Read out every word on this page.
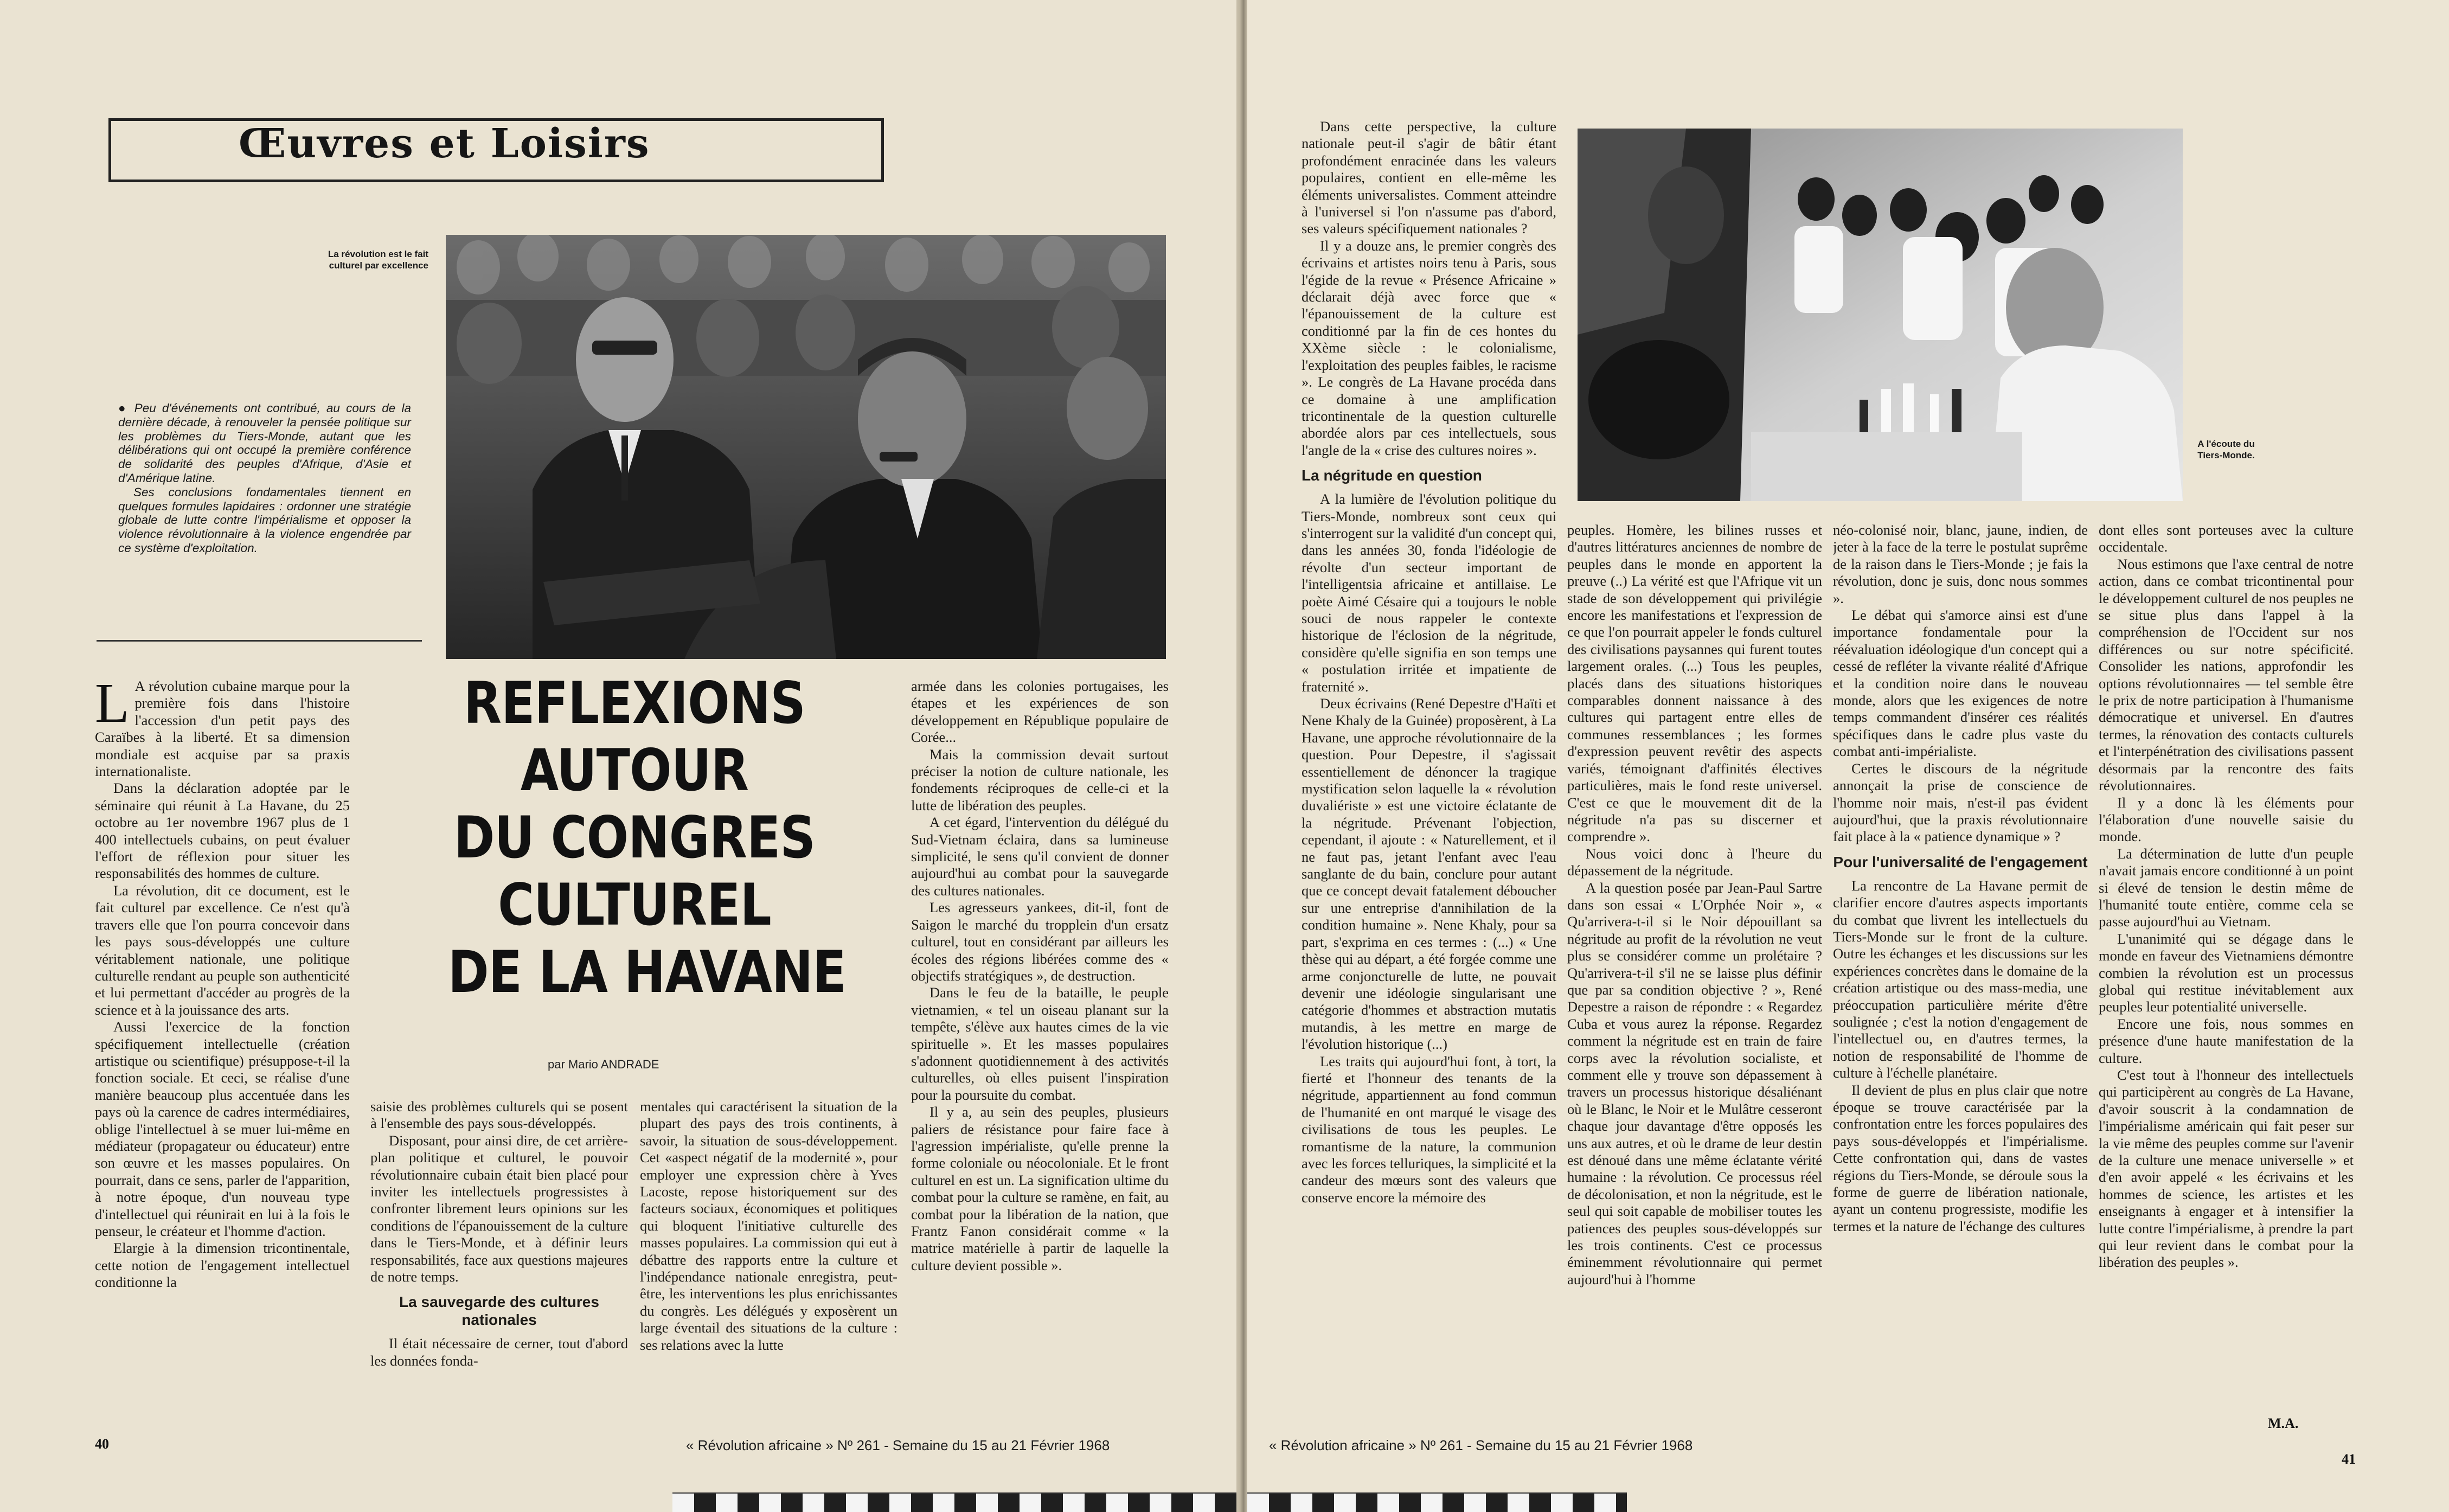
Œuvres et Loisirs
La révolution est le fait culturel par excellence

● Peu d'événements ont contribué, au cours de la dernière décade, à renouveler la pensée politique sur les problèmes du Tiers-Monde, autant que les délibérations qui ont occupé la première conférence de solidarité des peuples d'Afrique, d'Asie et d'Amérique latine.

Ses conclusions fondamentales tiennent en quelques formules lapidaires : ordonner une stratégie globale de lutte contre l'impérialisme et opposer la violence révolutionnaire à la violence engendrée par ce système d'exploitation.

REFLEXIONS
AUTOUR
DU CONGRES
CULTUREL
DE LA HAVANE
par Mario ANDRADE

L A révolution cubaine marque pour la première fois dans l'histoire l'accession d'un petit pays des Caraïbes à la liberté. Et sa dimension mondiale est acquise par sa praxis internationaliste.

Dans la déclaration adoptée par le séminaire qui réunit à La Havane, du 25 octobre au 1er novembre 1967 plus de 1 400 intellectuels cubains, on peut évaluer l'effort de réflexion pour situer les responsabilités des hommes de culture.

La révolution, dit ce document, est le fait culturel par excellence. Ce n'est qu'à travers elle que l'on pourra concevoir dans les pays sous-développés une culture véritablement nationale, une politique culturelle rendant au peuple son authenticité et lui permettant d'accéder au progrès de la science et à la jouissance des arts.

Aussi l'exercice de la fonction spécifiquement intellectuelle (création artistique ou scientifique) présuppose-t-il la fonction sociale. Et ceci, se réalise d'une manière beaucoup plus accentuée dans les pays où la carence de cadres intermédiaires, oblige l'intellectuel à se muer lui-même en médiateur (propagateur ou éducateur) entre son œuvre et les masses populaires. On pourrait, dans ce sens, parler de l'apparition, à notre époque, d'un nouveau type d'intellectuel qui réunirait en lui à la fois le penseur, le créateur et l'homme d'action.

Elargie à la dimension tricontinentale, cette notion de l'engagement intellectuel conditionne la

saisie des problèmes culturels qui se posent à l'ensemble des pays sous-développés.

Disposant, pour ainsi dire, de cet arrière-plan politique et culturel, le pouvoir révolutionnaire cubain était bien placé pour inviter les intellectuels progressistes à confronter librement leurs opinions sur les conditions de l'épanouissement de la culture dans le Tiers-Monde, et à définir leurs responsabilités, face aux questions majeures de notre temps.

La sauvegarde des cultures nationales

Il était nécessaire de cerner, tout d'abord les données fonda-

mentales qui caractérisent la situation de la plupart des pays des trois continents, à savoir, la situation de sous-développement. Cet «aspect négatif de la modernité », pour employer une expression chère à Yves Lacoste, repose historiquement sur des facteurs sociaux, économiques et politiques qui bloquent l'initiative culturelle des masses populaires. La commission qui eut à débattre des rapports entre la culture et l'indépendance nationale enregistra, peut-être, les interventions les plus enrichissantes du congrès. Les délégués y exposèrent un large éventail des situations de la culture : ses relations avec la lutte

armée dans les colonies portugaises, les étapes et les expériences de son développement en République populaire de Corée...

Mais la commission devait surtout préciser la notion de culture nationale, les fondements réciproques de celle-ci et la lutte de libération des peuples.

A cet égard, l'intervention du délégué du Sud-Vietnam éclaira, dans sa lumineuse simplicité, le sens qu'il convient de donner aujourd'hui au combat pour la sauvegarde des cultures nationales.

Les agresseurs yankees, dit-il, font de Saigon le marché du tropplein d'un ersatz culturel, tout en considérant par ailleurs les écoles des régions libérées comme des « objectifs stratégiques », de destruction.

Dans le feu de la bataille, le peuple vietnamien, « tel un oiseau planant sur la tempête, s'élève aux hautes cimes de la vie spirituelle ». Et les masses populaires s'adonnent quotidiennement à des activités culturelles, où elles puisent l'inspiration pour la poursuite du combat.

Il y a, au sein des peuples, plusieurs paliers de résistance pour faire face à l'agression impérialiste, qu'elle prenne la forme coloniale ou néocoloniale. Et le front culturel en est un. La signification ultime du combat pour la culture se ramène, en fait, au combat pour la libération de la nation, que Frantz Fanon considérait comme « la matrice matérielle à partir de laquelle la culture devient possible ».

40	« Révolution africaine » Nº 261 - Semaine du 15 au 21 Février 1968
A l'écoute du Tiers-Monde.

Dans cette perspective, la culture nationale peut-il s'agir de bâtir étant profondément enracinée dans les valeurs populaires, contient en elle-même les éléments universalistes. Comment atteindre à l'universel si l'on n'assume pas d'abord, ses valeurs spécifiquement nationales ?

Il y a douze ans, le premier congrès des écrivains et artistes noirs tenu à Paris, sous l'égide de la revue « Présence Africaine » déclarait déjà avec force que « l'épanouissement de la culture est conditionné par la fin de ces hontes du XXème siècle : le colonialisme, l'exploitation des peuples faibles, le racisme ». Le congrès de La Havane procéda dans ce domaine à une amplification tricontinentale de la question culturelle abordée alors par ces intellectuels, sous l'angle de la « crise des cultures noires ».

La négritude en question

A la lumière de l'évolution politique du Tiers-Monde, nombreux sont ceux qui s'interrogent sur la validité d'un concept qui, dans les années 30, fonda l'idéologie de révolte d'un secteur important de l'intelligentsia africaine et antillaise. Le poète Aimé Césaire qui a toujours le noble souci de nous rappeler le contexte historique de l'éclosion de la négritude, considère qu'elle signifia en son temps une « postulation irritée et impatiente de fraternité ».

Deux écrivains (René Depestre d'Haïti et Nene Khaly de la Guinée) proposèrent, à La Havane, une approche révolutionnaire de la question. Pour Depestre, il s'agissait essentiellement de dénoncer la tragique mystification selon laquelle la « révolution duvaliériste » est une victoire éclatante de la négritude. Prévenant l'objection, cependant, il ajoute : « Naturellement, et il ne faut pas, jetant l'enfant avec l'eau sanglante de du bain, conclure pour autant que ce concept devait fatalement déboucher sur une entreprise d'annihilation de la condition humaine ». Nene Khaly, pour sa part, s'exprima en ces termes : (...) « Une thèse qui au départ, a été forgée comme une arme conjoncturelle de lutte, ne pouvait devenir une idéologie singularisant une catégorie d'hommes et abstraction mutatis mutandis, à les mettre en marge de l'évolution historique (...)

Les traits qui aujourd'hui font, à tort, la fierté et l'honneur des tenants de la négritude, appartiennent au fond commun de l'humanité en ont marqué le visage des civilisations de tous les peuples. Le romantisme de la nature, la communion avec les forces telluriques, la simplicité et la candeur des mœurs sont des valeurs que conserve encore la mémoire des

peuples. Homère, les bilines russes et d'autres littératures anciennes de nombre de peuples dans le monde en apportent la preuve (..) La vérité est que l'Afrique vit un stade de son développement qui privilégie encore les manifestations et l'expression de ce que l'on pourrait appeler le fonds culturel des civilisations paysannes qui furent toutes largement orales. (...) Tous les peuples, placés dans des situations historiques comparables donnent naissance à des cultures qui partagent entre elles de communes ressemblances ; les formes d'expression peuvent revêtir des aspects variés, témoignant d'affinités électives particulières, mais le fond reste universel. C'est ce que le mouvement dit de la négritude n'a pas su discerner et comprendre ».

Nous voici donc à l'heure du dépassement de la négritude.

A la question posée par Jean-Paul Sartre dans son essai « L'Orphée Noir », « Qu'arrivera-t-il si le Noir dépouillant sa négritude au profit de la révolution ne veut plus se considérer comme un prolétaire ? Qu'arrivera-t-il s'il ne se laisse plus définir que par sa condition objective ? », René Depestre a raison de répondre : « Regardez Cuba et vous aurez la réponse. Regardez comment la négritude est en train de faire corps avec la révolution socialiste, et comment elle y trouve son dépassement à travers un processus historique désaliénant où le Blanc, le Noir et le Mulâtre cesseront chaque jour davantage d'être opposés les uns aux autres, et où le drame de leur destin est dénoué dans une même éclatante vérité humaine : la révolution. Ce processus réel de décolonisation, et non la négritude, est le seul qui soit capable de mobiliser toutes les patiences des peuples sous-développés sur les trois continents. C'est ce processus éminemment révolutionnaire qui permet aujourd'hui à l'homme

néo-colonisé noir, blanc, jaune, indien, de jeter à la face de la terre le postulat suprême de la raison dans le Tiers-Monde ; je fais la révolution, donc je suis, donc nous sommes ».

Le débat qui s'amorce ainsi est d'une importance fondamentale pour la réévaluation idéologique d'un concept qui a cessé de refléter la vivante réalité d'Afrique et la condition noire dans le nouveau monde, alors que les exigences de notre temps commandent d'insérer ces réalités spécifiques dans le cadre plus vaste du combat anti-impérialiste.

Certes le discours de la négritude annonçait la prise de conscience de l'homme noir mais, n'est-il pas évident aujourd'hui, que la praxis révolutionnaire fait place à la « patience dynamique » ?

Pour l'universalité de l'engagement

La rencontre de La Havane permit de clarifier encore d'autres aspects importants du combat que livrent les intellectuels du Tiers-Monde sur le front de la culture. Outre les échanges et les discussions sur les expériences concrètes dans le domaine de la création artistique ou des mass-media, une préoccupation particulière mérite d'être soulignée ; c'est la notion d'engagement de l'intellectuel ou, en d'autres termes, la notion de responsabilité de l'homme de culture à l'échelle planétaire.

Il devient de plus en plus clair que notre époque se trouve caractérisée par la confrontation entre les forces populaires des pays sous-développés et l'impérialisme. Cette confrontation qui, dans de vastes régions du Tiers-Monde, se déroule sous la forme de guerre de libération nationale, ayant un contenu progressiste, modifie les termes et la nature de l'échange des cultures

dont elles sont porteuses avec la culture occidentale.

Nous estimons que l'axe central de notre action, dans ce combat tricontinental pour le développement culturel de nos peuples ne se situe plus dans l'appel à la compréhension de l'Occident sur nos différences ou sur notre spécificité. Consolider les nations, approfondir les options révolutionnaires — tel semble être le prix de notre participation à l'humanisme démocratique et universel. En d'autres termes, la rénovation des contacts culturels et l'interpénétration des civilisations passent désormais par la rencontre des faits révolutionnaires.

Il y a donc là les éléments pour l'élaboration d'une nouvelle saisie du monde.

La détermination de lutte d'un peuple n'avait jamais encore conditionné à un point si élevé de tension le destin même de l'humanité toute entière, comme cela se passe aujourd'hui au Vietnam.

L'unanimité qui se dégage dans le monde en faveur des Vietnamiens démontre combien la révolution est un processus global qui restitue inévitablement aux peuples leur potentialité universelle.

Encore une fois, nous sommes en présence d'une haute manifestation de la culture.

C'est tout à l'honneur des intellectuels qui participèrent au congrès de La Havane, d'avoir souscrit à la condamnation de l'impérialisme américain qui fait peser sur la vie même des peuples comme sur l'avenir de la culture une menace universelle » et d'en avoir appelé « les écrivains et les hommes de science, les artistes et les enseignants à engager et à intensifier la lutte contre l'impérialisme, à prendre la part qui leur revient dans le combat pour la libération des peuples ».

M.A.
« Révolution africaine » Nº 261 - Semaine du 15 au 21 Février 1968
41
